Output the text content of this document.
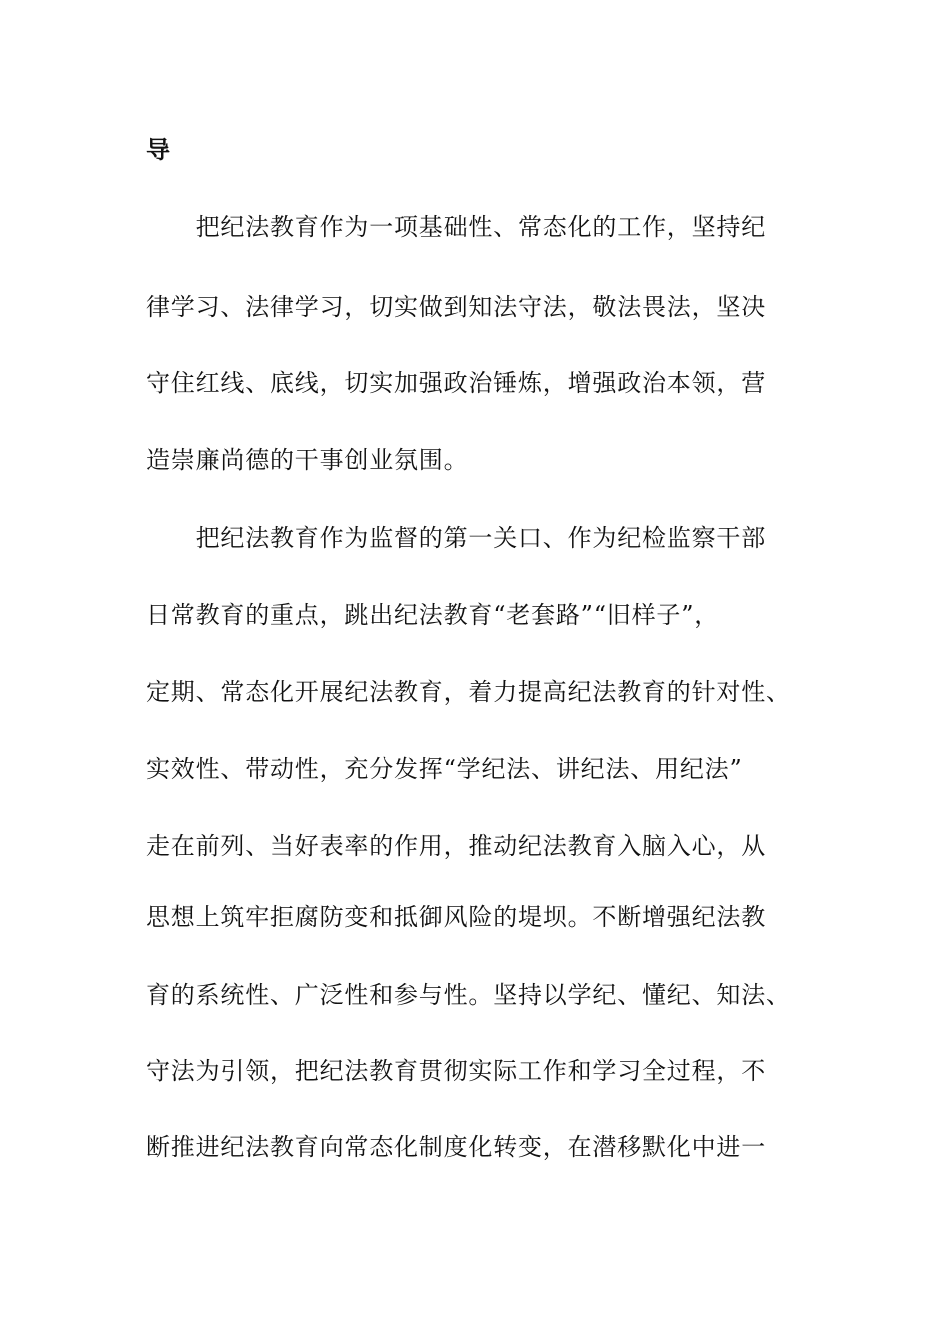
导
　　把纪法教育作为一项基础性、常态化的工作，坚持纪
律学习、法律学习，切实做到知法守法，敬法畏法，坚决
守住红线、底线，切实加强政治锤炼，增强政治本领，营
造崇廉尚德的干事创业氛围。
　　把纪法教育作为监督的第一关口、作为纪检监察干部
日常教育的重点，跳出纪法教育“老套路”“旧样子”，
定期、常态化开展纪法教育，着力提高纪法教育的针对性、
实效性、带动性，充分发挥“学纪法、讲纪法、用纪法”
走在前列、当好表率的作用，推动纪法教育入脑入心，从
思想上筑牢拒腐防变和抵御风险的堤坝。不断增强纪法教
育的系统性、广泛性和参与性。坚持以学纪、懂纪、知法、
守法为引领，把纪法教育贯彻实际工作和学习全过程，不
断推进纪法教育向常态化制度化转变，在潜移默化中进一
